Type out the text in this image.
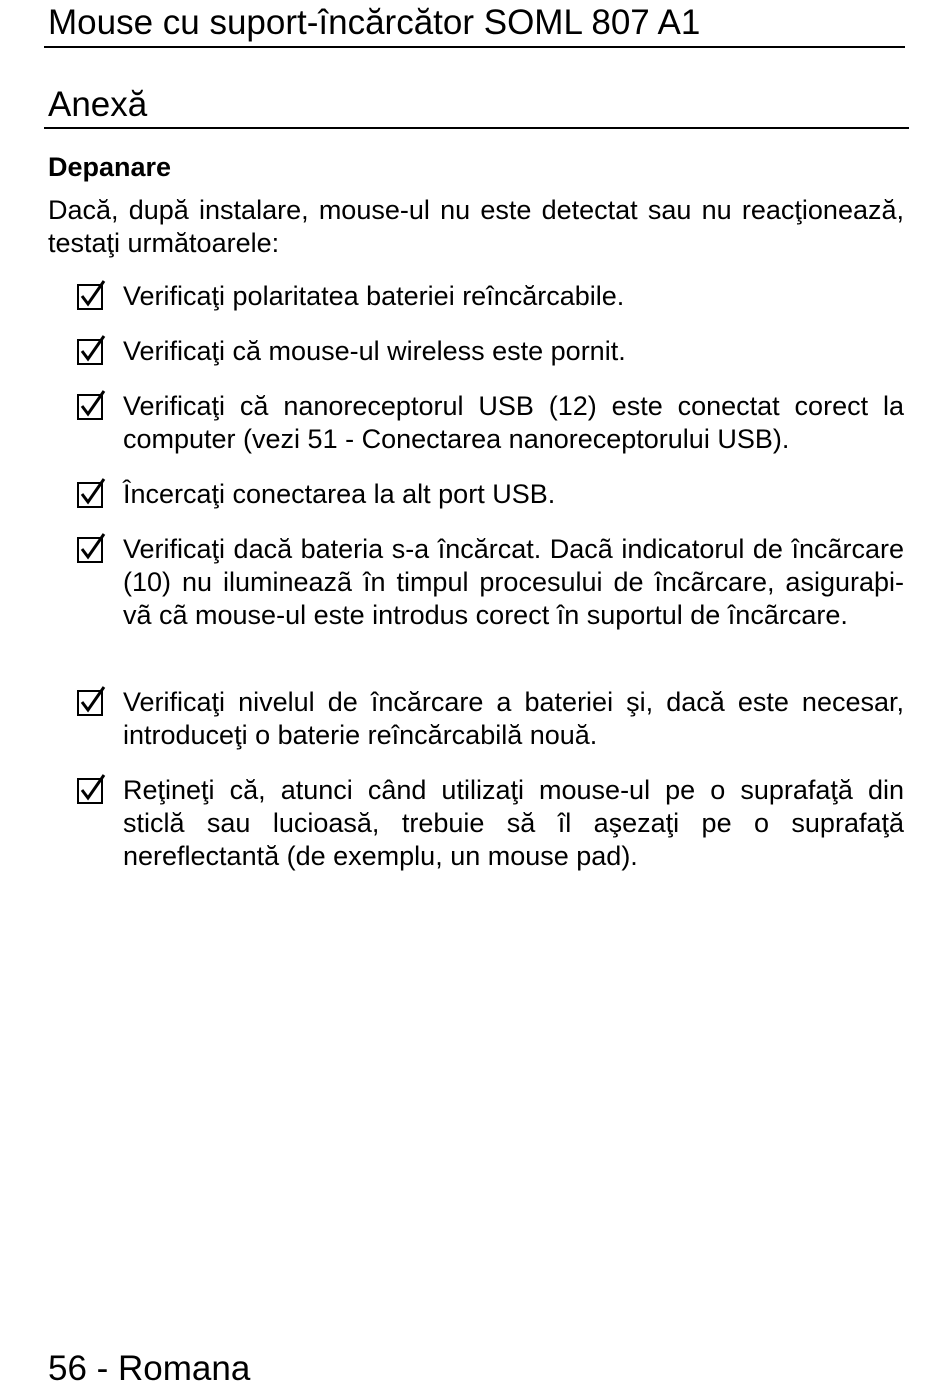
Mouse cu suport-încărcător SOML 807 A1
Anexă
Depanare
Dacă, după instalare, mouse-ul nu este detectat sau nu reacţionează, testaţi următoarele:
Verificaţi polaritatea bateriei reîncărcabile.
Verificaţi că mouse-ul wireless este pornit.
Verificaţi că nanoreceptorul USB (12) este conectat corect la computer (vezi 51 - Conectarea nanoreceptorului USB).
Încercaţi conectarea la alt port USB.
Verificaţi dacă bateria s-a încărcat. Dacã indicatorul de încãrcare (10) nu ilumineazã în timpul procesului de încãrcare, asiguraþi-vã cã mouse-ul este introdus corect în suportul de încãrcare.
Verificaţi nivelul de încărcare a bateriei şi, dacă este necesar, introduceţi o baterie reîncărcabilă nouă.
Reţineţi că, atunci când utilizaţi mouse-ul pe o suprafaţă din sticlă sau lucioasă, trebuie să îl aşezaţi pe o suprafaţă nereflectantă (de exemplu, un mouse pad).
56 - Romana
